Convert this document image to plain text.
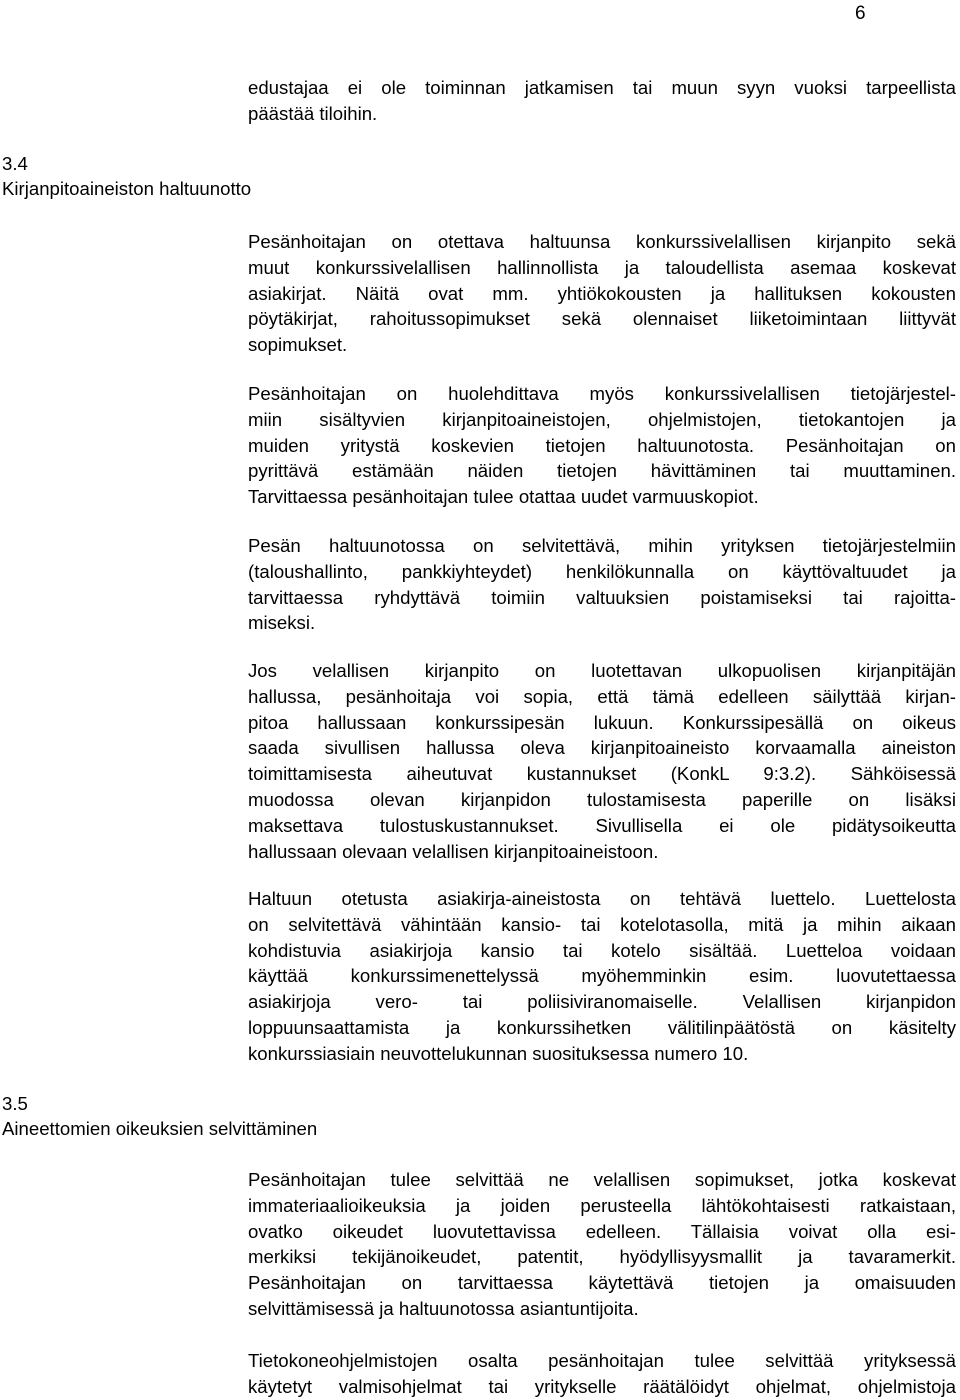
6

edustajaa ei ole toiminnan jatkamisen tai muun syyn vuoksi tarpeellista
päästää tiloihin.

3.4
Kirjanpitoaineiston haltuunotto

Pesänhoitajan on otettava haltuunsa konkurssivelallisen kirjanpito sekä
muut konkurssivelallisen hallinnollista ja taloudellista asemaa koskevat
asiakirjat. Näitä ovat mm. yhtiökokousten ja hallituksen kokousten
pöytäkirjat, rahoitussopimukset sekä olennaiset liiketoimintaan liittyvät
sopimukset.

Pesänhoitajan on huolehdittava myös konkurssivelallisen tietojärjestel-
miin sisältyvien kirjanpitoaineistojen, ohjelmistojen, tietokantojen ja
muiden yritystä koskevien tietojen haltuunotosta. Pesänhoitajan on
pyrittävä estämään näiden tietojen hävittäminen tai muuttaminen.
Tarvittaessa pesänhoitajan tulee otattaa uudet varmuuskopiot.

Pesän haltuunotossa on selvitettävä, mihin yrityksen tietojärjestelmiin
(taloushallinto, pankkiyhteydet) henkilökunnalla on käyttövaltuudet ja
tarvittaessa ryhdyttävä toimiin valtuuksien poistamiseksi tai rajoitta-
miseksi.

Jos velallisen kirjanpito on luotettavan ulkopuolisen kirjanpitäjän
hallussa, pesänhoitaja voi sopia, että tämä edelleen säilyttää kirjan-
pitoa hallussaan konkurssipesän lukuun. Konkurssipesällä on oikeus
saada sivullisen hallussa oleva kirjanpitoaineisto korvaamalla aineiston
toimittamisesta aiheutuvat kustannukset (KonkL 9:3.2). Sähköisessä
muodossa olevan kirjanpidon tulostamisesta paperille on lisäksi
maksettava tulostuskustannukset. Sivullisella ei ole pidätysoikeutta
hallussaan olevaan velallisen kirjanpitoaineistoon.

Haltuun otetusta asiakirja-aineistosta on tehtävä luettelo. Luettelosta
on selvitettävä vähintään kansio- tai kotelotasolla, mitä ja mihin aikaan
kohdistuvia asiakirjoja kansio tai kotelo sisältää. Luetteloa voidaan
käyttää konkurssimenettelyssä myöhemminkin esim. luovutettaessa
asiakirjoja vero- tai poliisiviranomaiselle. Velallisen kirjanpidon
loppuunsaattamista ja konkurssihetken välitilinpäätöstä on käsitelty
konkurssiasiain neuvottelukunnan suosituksessa numero 10.

3.5
Aineettomien oikeuksien selvittäminen

Pesänhoitajan tulee selvittää ne velallisen sopimukset, jotka koskevat
immateriaalioikeuksia ja joiden perusteella lähtökohtaisesti ratkaistaan,
ovatko oikeudet luovutettavissa edelleen. Tällaisia voivat olla esi-
merkiksi tekijänoikeudet, patentit, hyödyllisyysmallit ja tavaramerkit.
Pesänhoitajan on tarvittaessa käytettävä tietojen ja omaisuuden
selvittämisessä ja haltuunotossa asiantuntijoita.

Tietokoneohjelmistojen osalta pesänhoitajan tulee selvittää yrityksessä
käytetyt valmisohjelmat tai yritykselle räätälöidyt ohjelmat, ohjelmistoja
